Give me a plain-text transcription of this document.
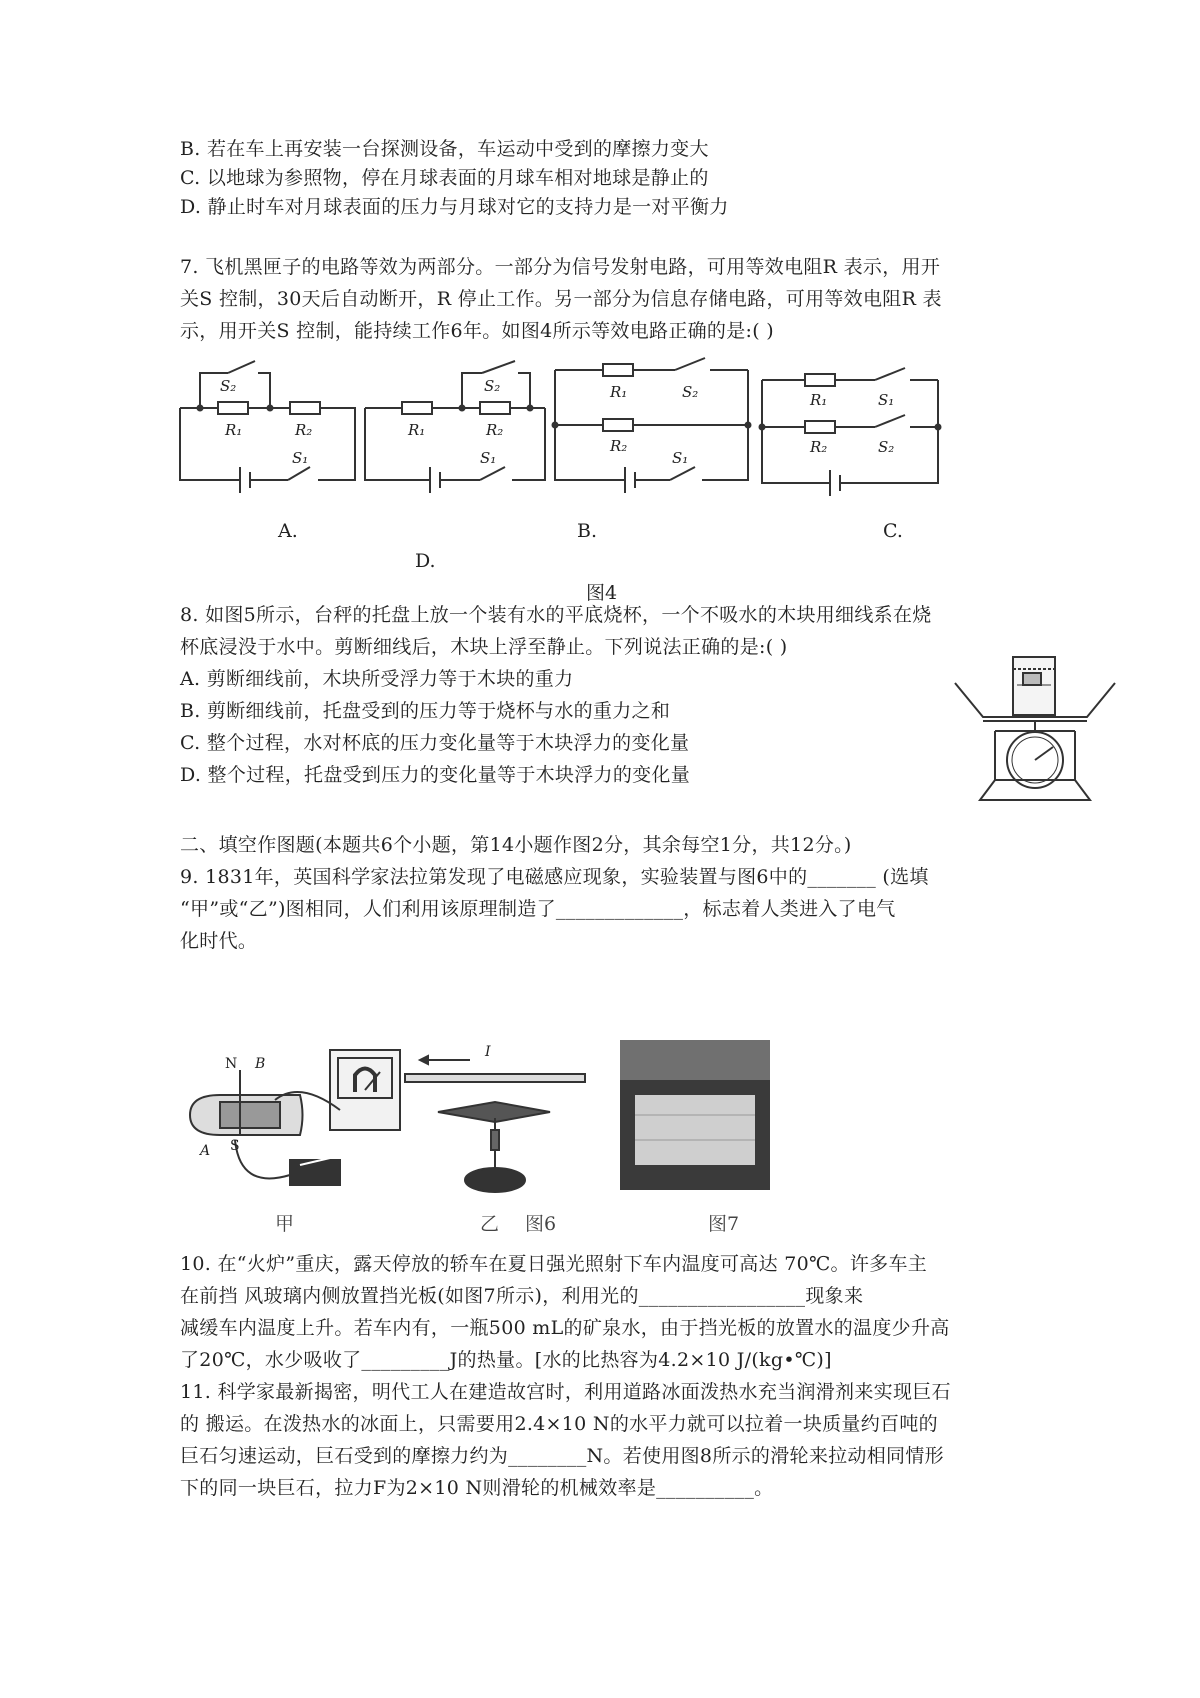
B. 若在车上再安装一台探测设备，车运动中受到的摩擦力变大
C. 以地球为参照物，停在月球表面的月球车相对地球是静止的
D. 静止时车对月球表面的压力与月球对它的支持力是一对平衡力
7. 飞机黑匣子的电路等效为两部分。一部分为信号发射电路，可用等效电阻R 表示，用开
关S 控制，30天后自动断开，R 停止工作。另一部分为信息存储电路，可用等效电阻R 表
示，用开关S 控制，能持续工作6年。如图4所示等效电路正确的是:( )
S₂
R₁	R₂
S₁
R₁
S₂
R₂
S₁
R₁	S₂
R₂
S₁
R₁	S₁
R₂	S₂
A.	B.	C.
D.
图4
8. 如图5所示，台秤的托盘上放一个装有水的平底烧杯，一个不吸水的木块用细线系在烧
杯底浸没于水中。剪断细线后，木块上浮至静止。下列说法正确的是:( )
A. 剪断细线前，木块所受浮力等于木块的重力
B. 剪断细线前，托盘受到的压力等于烧杯与水的重力之和
C. 整个过程，水对杯底的压力变化量等于木块浮力的变化量
D. 整个过程，托盘受到压力的变化量等于木块浮力的变化量
二、填空作图题(本题共6个小题，第14小题作图2分，其余每空1分，共12分。)
9. 1831年，英国科学家法拉第发现了电磁感应现象，实验装置与图6中的_______ (选填
“甲”或“乙”)图相同，人们利用该原理制造了_____________，标志着人类进入了电气
化时代。
N
S
B
A
I
甲	乙 图6	图7
10. 在“火炉”重庆，露天停放的轿车在夏日强光照射下车内温度可高达 70℃。许多车主
在前挡 风玻璃内侧放置挡光板(如图7所示)，利用光的_________________现象来
减缓车内温度上升。若车内有，一瓶500 mL的矿泉水，由于挡光板的放置水的温度少升高
了20℃，水少吸收了_________J的热量。[水的比热容为4.2×10 J/(kg•℃)]
11. 科学家最新揭密，明代工人在建造故宫时，利用道路冰面泼热水充当润滑剂来实现巨石
的 搬运。在泼热水的冰面上，只需要用2.4×10 N的水平力就可以拉着一块质量约百吨的
巨石匀速运动，巨石受到的摩擦力约为________N。若使用图8所示的滑轮来拉动相同情形
下的同一块巨石，拉力F为2×10 N则滑轮的机械效率是__________。
